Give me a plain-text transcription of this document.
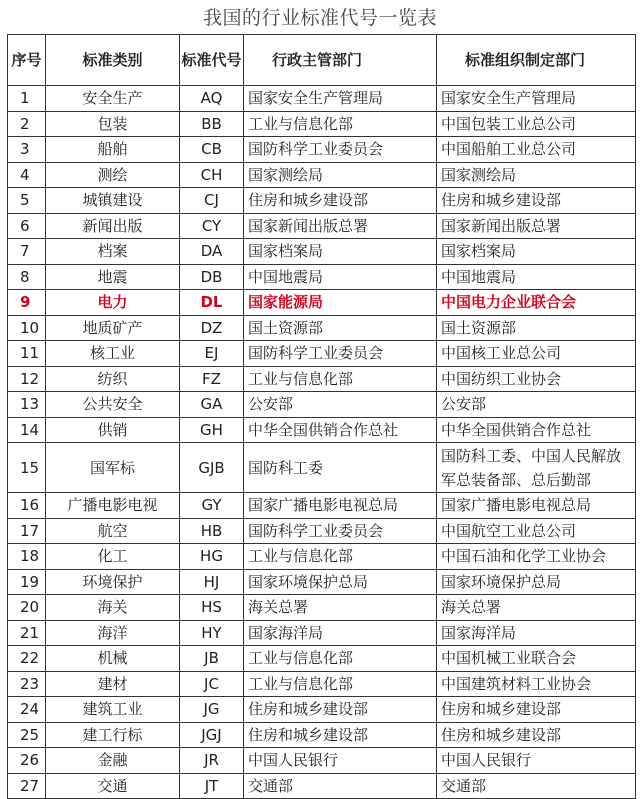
我国的行业标准代号一览表
序号	标准类别	标准代号	行政主管部门	标准组织制定部门
1	安全生产	AQ	国家安全生产管理局	国家安全生产管理局
2	包装	BB	工业与信息化部	中国包装工业总公司
3	船舶	CB	国防科学工业委员会	中国船舶工业总公司
4	测绘	CH	国家测绘局	国家测绘局
5	城镇建设	CJ	住房和城乡建设部	住房和城乡建设部
6	新闻出版	CY	国家新闻出版总署	国家新闻出版总署
7	档案	DA	国家档案局	国家档案局
8	地震	DB	中国地震局	中国地震局
9	电力	DL	国家能源局	中国电力企业联合会
10	地质矿产	DZ	国土资源部	国土资源部
11	核工业	EJ	国防科学工业委员会	中国核工业总公司
12	纺织	FZ	工业与信息化部	中国纺织工业协会
13	公共安全	GA	公安部	公安部
14	供销	GH	中华全国供销合作总社	中华全国供销合作总社
15	国军标	GJB	国防科工委	国防科工委、中国人民解放军总装备部、总后勤部
16	广播电影电视	GY	国家广播电影电视总局	国家广播电影电视总局
17	航空	HB	国防科学工业委员会	中国航空工业总公司
18	化工	HG	工业与信息化部	中国石油和化学工业协会
19	环境保护	HJ	国家环境保护总局	国家环境保护总局
20	海关	HS	海关总署	海关总署
21	海洋	HY	国家海洋局	国家海洋局
22	机械	JB	工业与信息化部	中国机械工业联合会
23	建材	JC	工业与信息化部	中国建筑材料工业协会
24	建筑工业	JG	住房和城乡建设部	住房和城乡建设部
25	建工行标	JGJ	住房和城乡建设部	住房和城乡建设部
26	金融	JR	中国人民银行	中国人民银行
27	交通	JT	交通部	交通部
